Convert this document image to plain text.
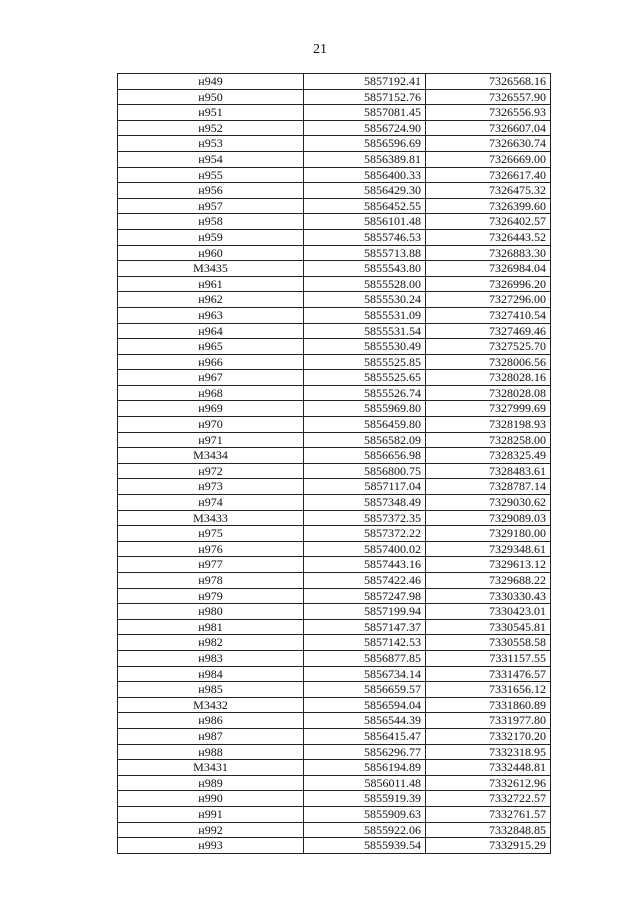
21
н949	5857192.41	7326568.16
н950	5857152.76	7326557.90
н951	5857081.45	7326556.93
н952	5856724.90	7326607.04
н953	5856596.69	7326630.74
н954	5856389.81	7326669.00
н955	5856400.33	7326617.40
н956	5856429.30	7326475.32
н957	5856452.55	7326399.60
н958	5856101.48	7326402.57
н959	5855746.53	7326443.52
н960	5855713.88	7326883.30
М3435	5855543.80	7326984.04
н961	5855528.00	7326996.20
н962	5855530.24	7327296.00
н963	5855531.09	7327410.54
н964	5855531.54	7327469.46
н965	5855530.49	7327525.70
н966	5855525.85	7328006.56
н967	5855525.65	7328028.16
н968	5855526.74	7328028.08
н969	5855969.80	7327999.69
н970	5856459.80	7328198.93
н971	5856582.09	7328258.00
М3434	5856656.98	7328325.49
н972	5856800.75	7328483.61
н973	5857117.04	7328787.14
н974	5857348.49	7329030.62
М3433	5857372.35	7329089.03
н975	5857372.22	7329180.00
н976	5857400.02	7329348.61
н977	5857443.16	7329613.12
н978	5857422.46	7329688.22
н979	5857247.98	7330330.43
н980	5857199.94	7330423.01
н981	5857147.37	7330545.81
н982	5857142.53	7330558.58
н983	5856877.85	7331157.55
н984	5856734.14	7331476.57
н985	5856659.57	7331656.12
М3432	5856594.04	7331860.89
н986	5856544.39	7331977.80
н987	5856415.47	7332170.20
н988	5856296.77	7332318.95
М3431	5856194.89	7332448.81
н989	5856011.48	7332612.96
н990	5855919.39	7332722.57
н991	5855909.63	7332761.57
н992	5855922.06	7332848.85
н993	5855939.54	7332915.29
